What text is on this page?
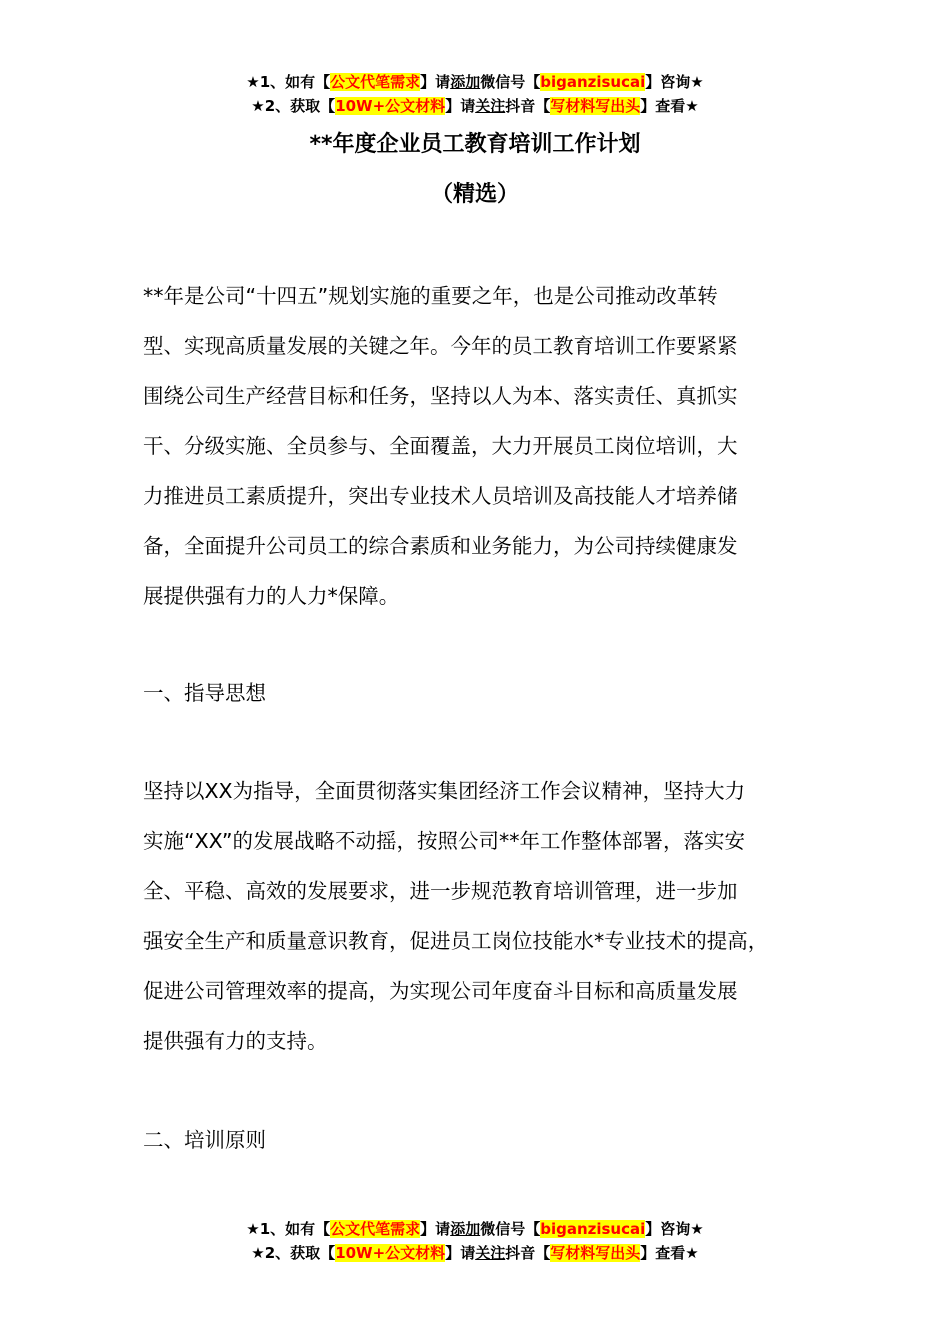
★1、如有【公文代笔需求】请添加微信号【biganzisucai】咨询★
★2、获取【10W+公文材料】请关注抖音【写材料写出头】查看★
**年度企业员工教育培训工作计划
（精选）
**年是公司“十四五”规划实施的重要之年，也是公司推动改革转
型、实现高质量发展的关键之年。今年的员工教育培训工作要紧紧
围绕公司生产经营目标和任务，坚持以人为本、落实责任、真抓实
干、分级实施、全员参与、全面覆盖，大力开展员工岗位培训，大
力推进员工素质提升，突出专业技术人员培训及高技能人才培养储
备，全面提升公司员工的综合素质和业务能力，为公司持续健康发
展提供强有力的人力*保障。
一、指导思想
坚持以XX为指导，全面贯彻落实集团经济工作会议精神，坚持大力
实施“XX”的发展战略不动摇，按照公司**年工作整体部署，落实安
全、平稳、高效的发展要求，进一步规范教育培训管理，进一步加
强安全生产和质量意识教育，促进员工岗位技能水*专业技术的提高，
促进公司管理效率的提高，为实现公司年度奋斗目标和高质量发展
提供强有力的支持。
二、培训原则
★1、如有【公文代笔需求】请添加微信号【biganzisucai】咨询★
★2、获取【10W+公文材料】请关注抖音【写材料写出头】查看★
